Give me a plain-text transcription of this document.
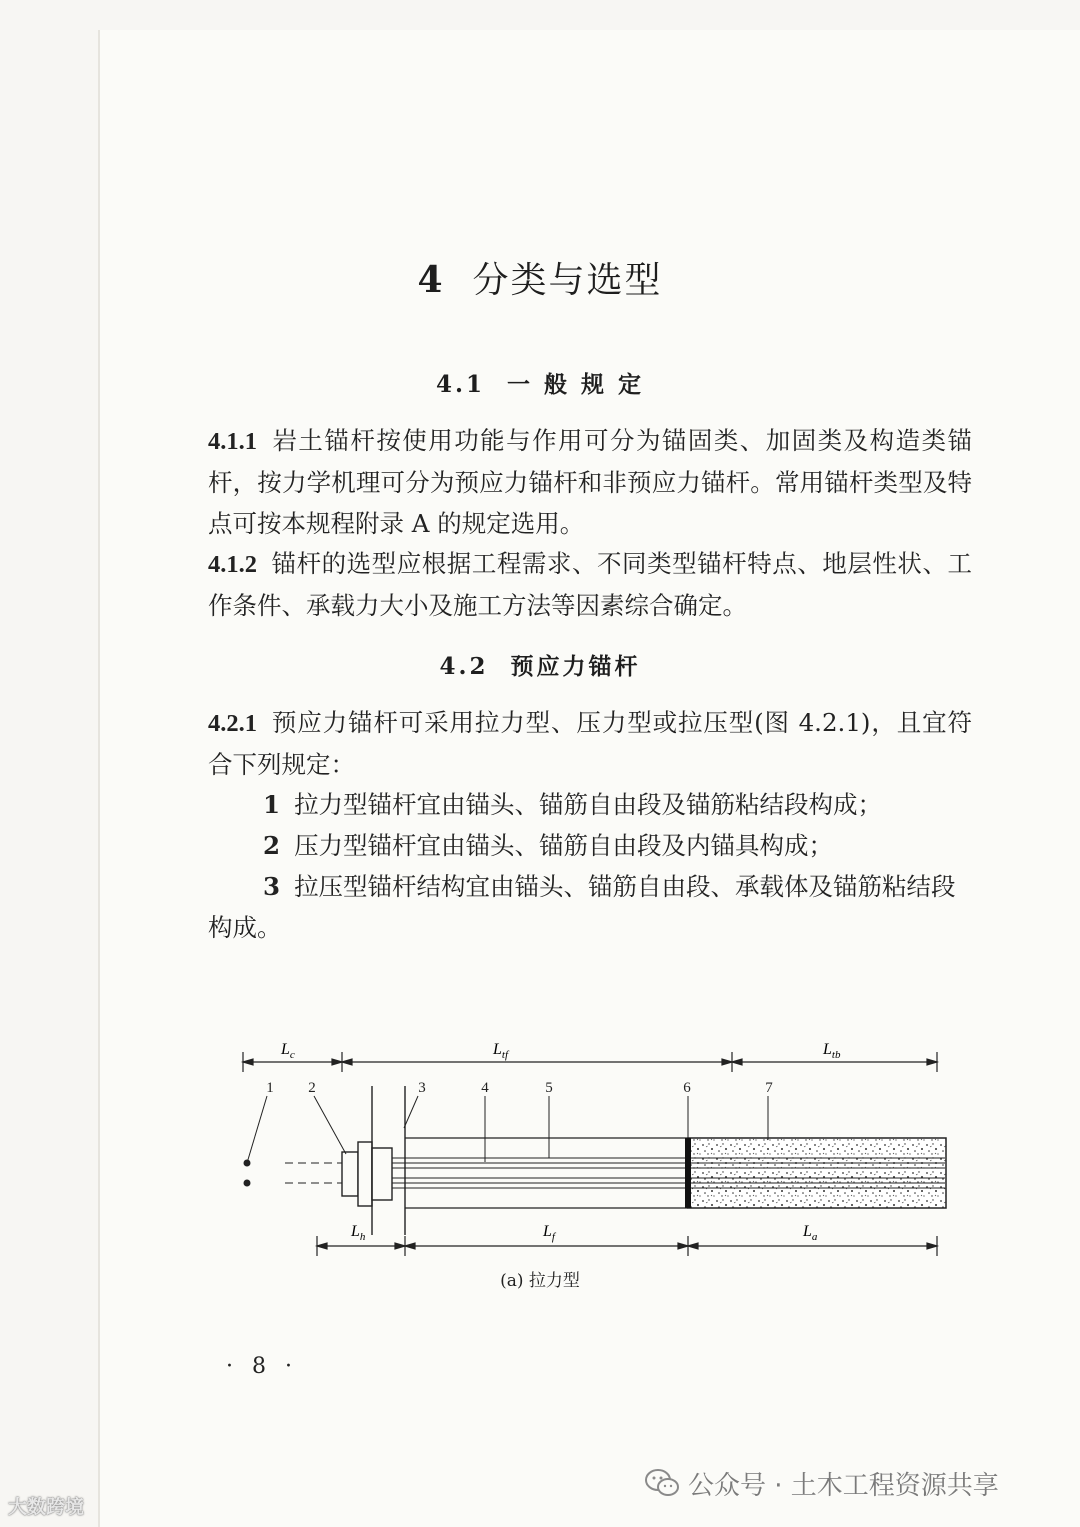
4 分类与选型
4.1 一 般 规 定
4.1.1 岩土锚杆按使用功能与作用可分为锚固类、加固类及构造类锚杆，按力学机理可分为预应力锚杆和非预应力锚杆。常用锚杆类型及特点可按本规程附录 A 的规定选用。
4.1.2 锚杆的选型应根据工程需求、不同类型锚杆特点、地层性状、工作条件、承载力大小及施工方法等因素综合确定。
4.2 预应力锚杆
4.2.1 预应力锚杆可采用拉力型、压力型或拉压型(图 4.2.1)，且宜符合下列规定：
1 拉力型锚杆宜由锚头、锚筋自由段及锚筋粘结段构成；
2 压力型锚杆宜由锚头、锚筋自由段及内锚具构成；
3 拉压型锚杆结构宜由锚头、锚筋自由段、承载体及锚筋粘结段构成。
$L_c$	$L_{tf}$	$L_{tb}$
1 2	3	4	5	6	7
$L_h$	$L_f$	$L_a$
(a) 拉力型
· 8 ·
大数跨境
公众号 · 土木工程资源共享
